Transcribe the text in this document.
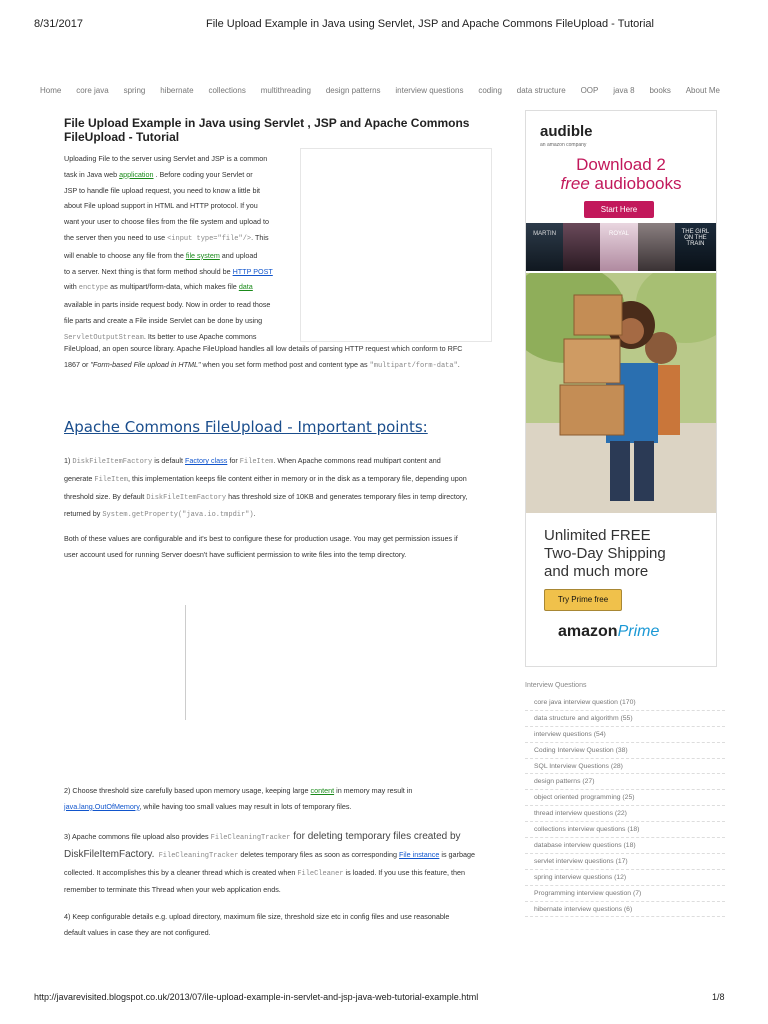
8/31/2017	File Upload Example in Java using Servlet, JSP and Apache Commons FileUpload - Tutorial
Home core java spring hibernate collections multithreading design patterns interview questions coding data structure OOP java 8 books About Me
File Upload Example in Java using Servlet , JSP and Apache Commons FileUpload - Tutorial
Uploading File to the server using Servlet and JSP is a common
task in Java web application . Before coding your Servlet or
JSP to handle file upload request, you need to know a little bit
about File upload support in HTML and HTTP protocol. If you
want your user to choose files from the file system and upload to
the server then you need to use <input type="file"/>. This
will enable to choose any file from the file system and upload
to a server. Next thing is that form method should be HTTP POST
with enctype as multipart/form-data, which makes file data
available in parts inside request body. Now in order to read those
file parts and create a File inside Servlet can be done by using
ServletOutputStream. Its better to use Apache commons
FileUpload, an open source library. Apache FileUpload handles all low details of parsing HTTP request which conform to RFC
1867 or "Form-based File upload in HTML" when you set form method post and content type as "multipart/form-data".
Apache Commons FileUpload - Important points:
1) DiskFileItemFactory is default Factory class for FileItem. When Apache commons read multipart content and
generate FileItem, this implementation keeps file content either in memory or in the disk as a temporary file, depending upon
threshold size. By default DiskFileItemFactory has threshold size of 10KB and generates temporary files in temp directory,
returned by System.getProperty("java.io.tmpdir").
Both of these values are configurable and it's best to configure these for production usage. You may get permission issues if
user account used for running Server doesn't have sufficient permission to write files into the temp directory.
2) Choose threshold size carefully based upon memory usage, keeping large content in memory may result in
java.lang.OutOfMemory, while having too small values may result in lots of temporary files.
3) Apache commons file upload also provides FileCleaningTracker for deleting temporary files created by
DiskFileItemFactory. FileCleaningTracker deletes temporary files as soon as corresponding File instance is garbage
collected. It accomplishes this by a cleaner thread which is created when FileCleaner is loaded. If you use this feature, then
remember to terminate this Thread when your web application ends.
4) Keep configurable details e.g. upload directory, maximum file size, threshold size etc in config files and use reasonable
default values in case they are not configured.
audible
an amazon company
Download 2
free audiobooks
Start Here
MARTIN	ROYAL	THE GIRL ON THE TRAIN
Unlimited FREE
Two-Day Shipping
and much more
Try Prime free
amazonPrime
Interview Questions
core java interview question (170)
data structure and algorithm (55)
interview questions (54)
Coding Interview Question (38)
SQL Interview Questions (28)
design patterns (27)
object oriented programming (25)
thread interview questions (22)
collections interview questions (18)
database interview questions (18)
servlet interview questions (17)
spring interview questions (12)
Programming interview question (7)
hibernate interview questions (6)
http://javarevisited.blogspot.co.uk/2013/07/ile-upload-example-in-servlet-and-jsp-java-web-tutorial-example.html	1/8
